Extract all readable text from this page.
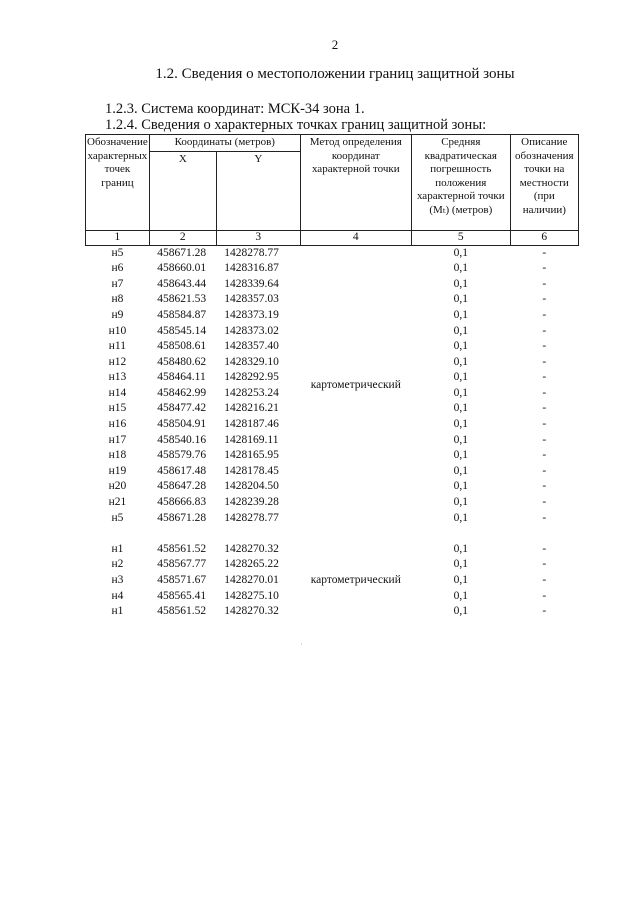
2
1.2. Сведения о местоположении границ защитной зоны
1.2.3. Система координат: МСК-34 зона 1.
1.2.4. Сведения о характерных точках границ защитной зоны:
Обозначение характерных точек границ	Координаты (метров)		Метод определения координат характерной точки	Средняя квадратическая погрешность положения характерной точки (Mₜ) (метров)	Описание обозначения точки на местности (при наличии)
	X	Y			
1	2	3	4	5	6
н5	458671.28	1428278.77	картометрический	0,1	-
н6	458660.01	1428316.87		0,1	-
н7	458643.44	1428339.64		0,1	-
н8	458621.53	1428357.03		0,1	-
н9	458584.87	1428373.19		0,1	-
н10	458545.14	1428373.02		0,1	-
н11	458508.61	1428357.40		0,1	-
н12	458480.62	1428329.10		0,1	-
н13	458464.11	1428292.95		0,1	-
н14	458462.99	1428253.24		0,1	-
н15	458477.42	1428216.21		0,1	-
н16	458504.91	1428187.46		0,1	-
н17	458540.16	1428169.11		0,1	-
н18	458579.76	1428165.95		0,1	-
н19	458617.48	1428178.45		0,1	-
н20	458647.28	1428204.50		0,1	-
н21	458666.83	1428239.28		0,1	-
н5	458671.28	1428278.77		0,1	-

н1	458561.52	1428270.32	картометрический	0,1	-
н2	458567.77	1428265.22		0,1	-
н3	458571.67	1428270.01		0,1	-
н4	458565.41	1428275.10		0,1	-
н1	458561.52	1428270.32		0,1	-
·
